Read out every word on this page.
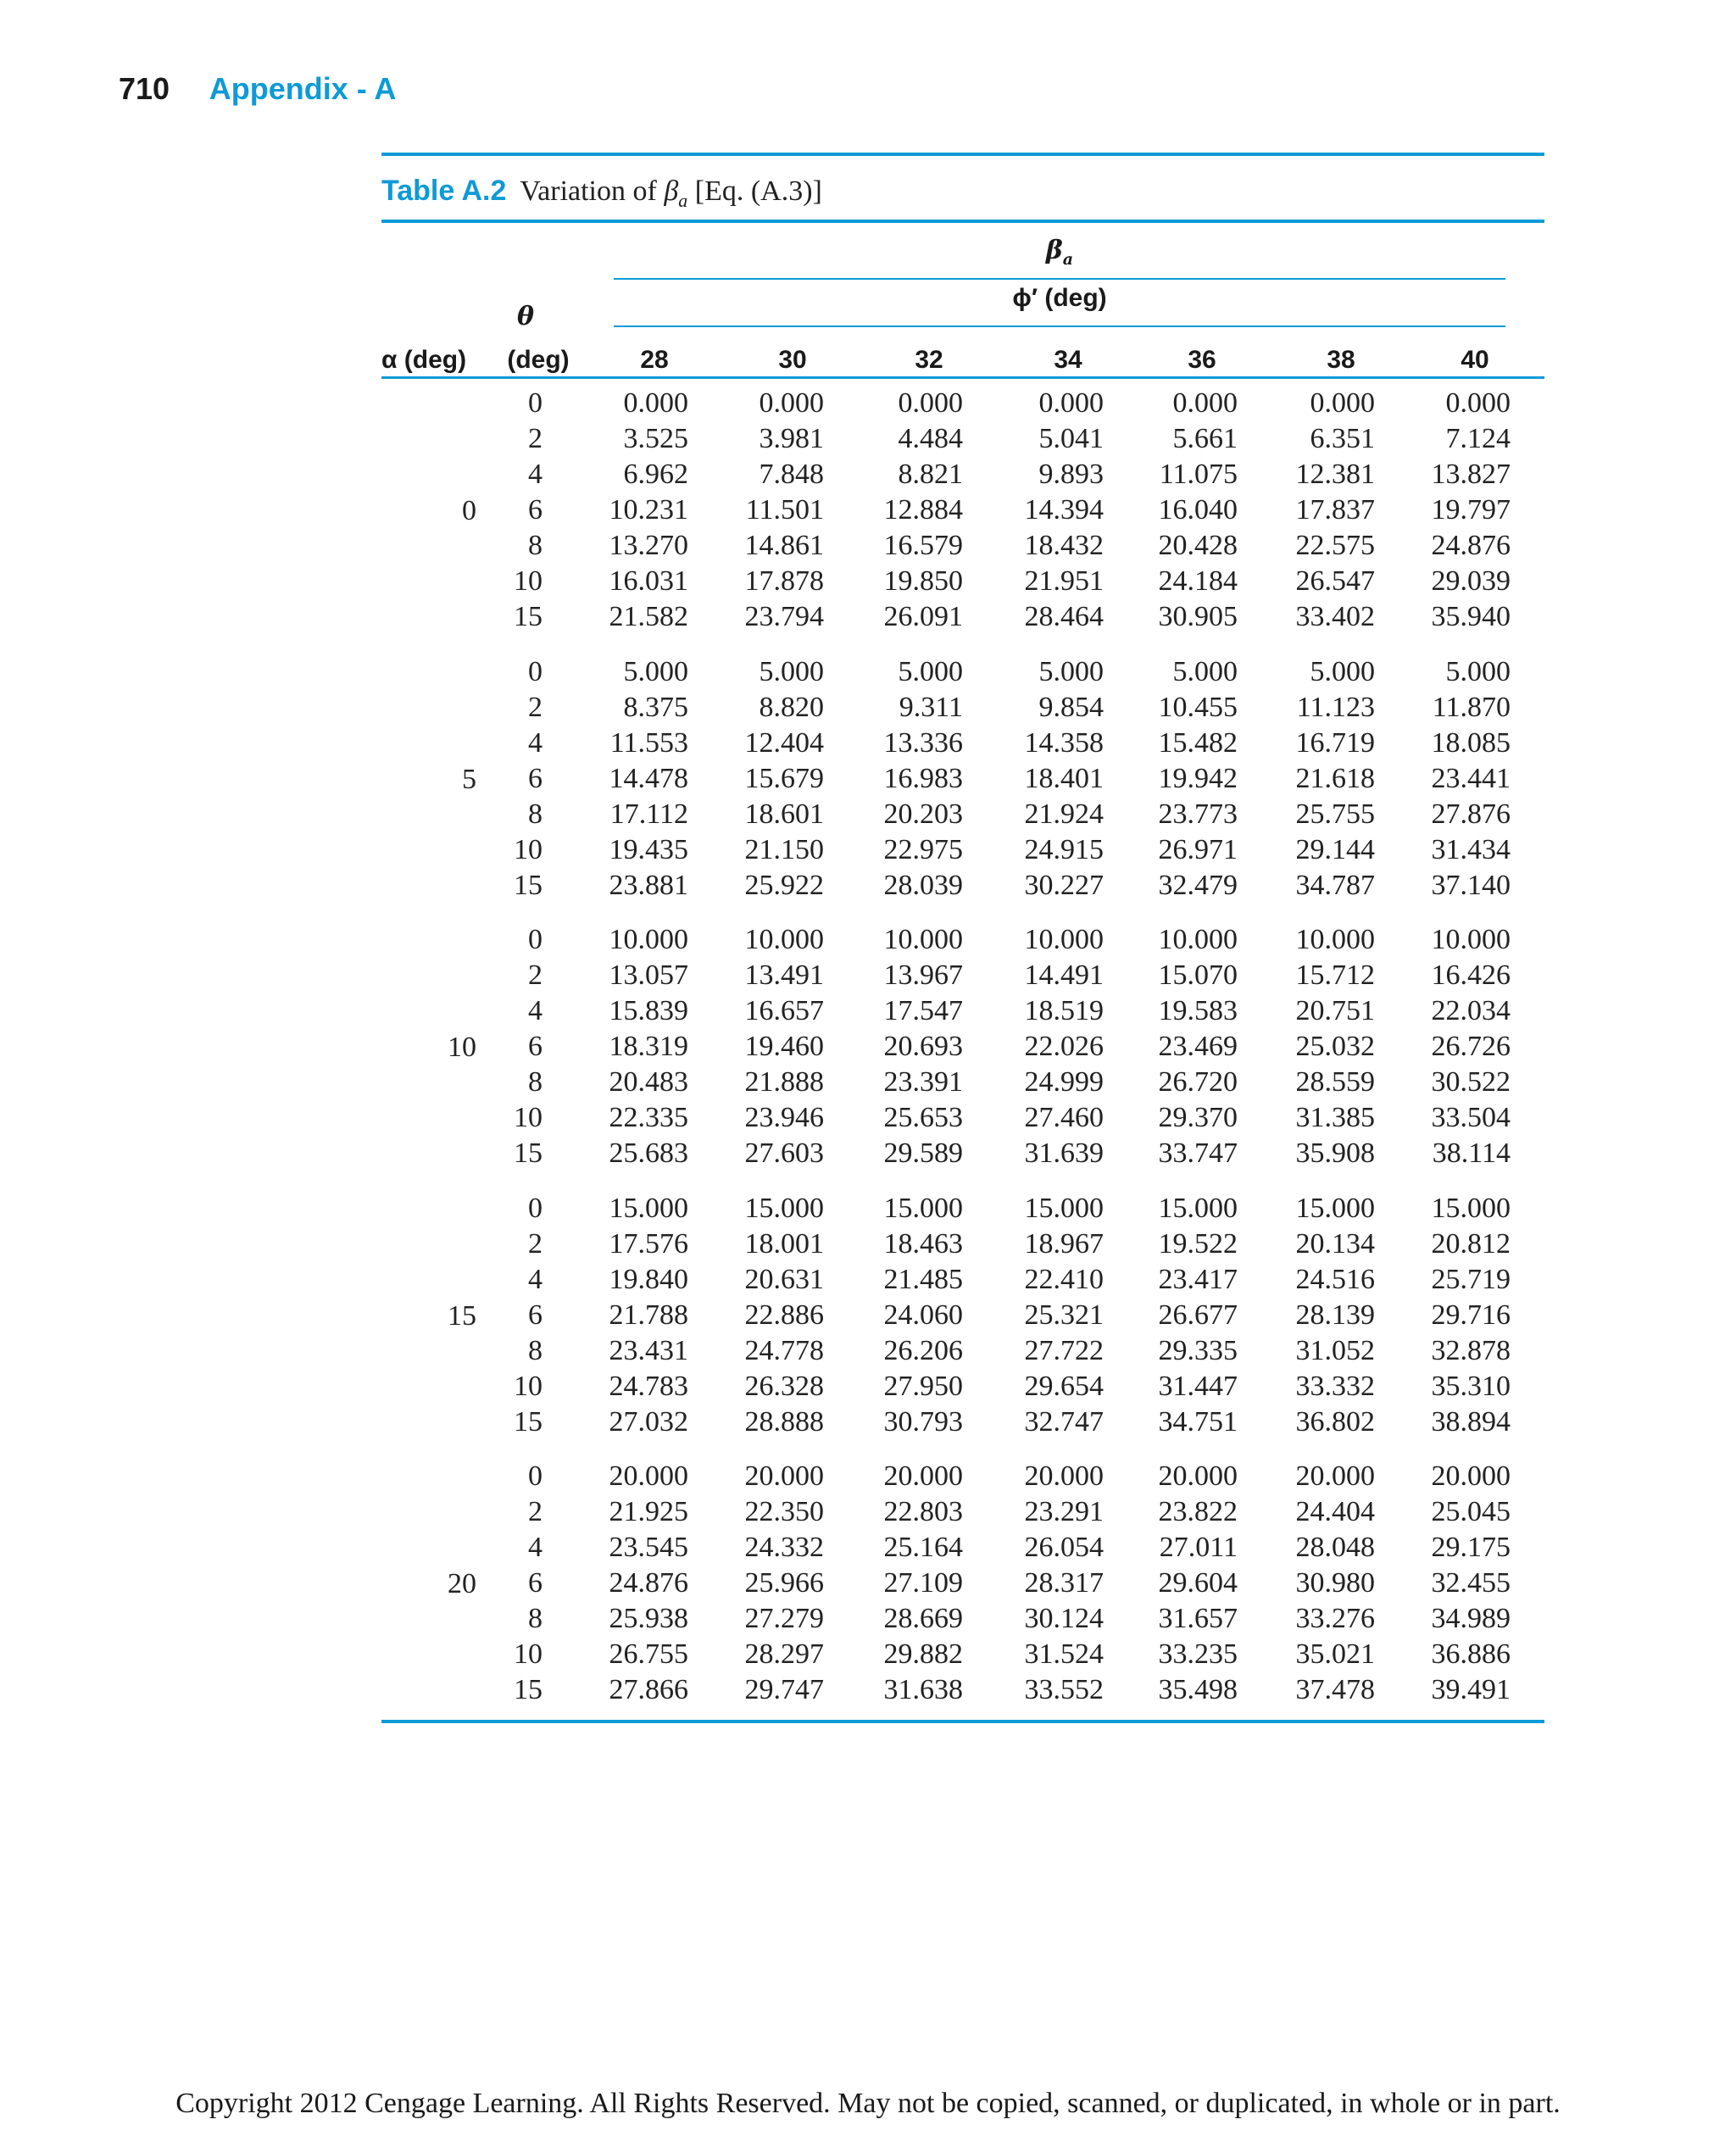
710 Appendix - A
Table A.2 Variation of $\beta_a$ [Eq. (A.3)]
$\beta_a$
ϕ′ (deg)
θ
α (deg)	(deg)	28	30	32	34	36	38	40
0
0	0.000	0.000	0.000	0.000	0.000	0.000	0.000
2	3.525	3.981	4.484	5.041	5.661	6.351	7.124
4	6.962	7.848	8.821	9.893	11.075	12.381	13.827
6	10.231	11.501	12.884	14.394	16.040	17.837	19.797
8	13.270	14.861	16.579	18.432	20.428	22.575	24.876
10	16.031	17.878	19.850	21.951	24.184	26.547	29.039
15	21.582	23.794	26.091	28.464	30.905	33.402	35.940
5
0	5.000	5.000	5.000	5.000	5.000	5.000	5.000
2	8.375	8.820	9.311	9.854	10.455	11.123	11.870
4	11.553	12.404	13.336	14.358	15.482	16.719	18.085
6	14.478	15.679	16.983	18.401	19.942	21.618	23.441
8	17.112	18.601	20.203	21.924	23.773	25.755	27.876
10	19.435	21.150	22.975	24.915	26.971	29.144	31.434
15	23.881	25.922	28.039	30.227	32.479	34.787	37.140
10
0	10.000	10.000	10.000	10.000	10.000	10.000	10.000
2	13.057	13.491	13.967	14.491	15.070	15.712	16.426
4	15.839	16.657	17.547	18.519	19.583	20.751	22.034
6	18.319	19.460	20.693	22.026	23.469	25.032	26.726
8	20.483	21.888	23.391	24.999	26.720	28.559	30.522
10	22.335	23.946	25.653	27.460	29.370	31.385	33.504
15	25.683	27.603	29.589	31.639	33.747	35.908	38.114
15
0	15.000	15.000	15.000	15.000	15.000	15.000	15.000
2	17.576	18.001	18.463	18.967	19.522	20.134	20.812
4	19.840	20.631	21.485	22.410	23.417	24.516	25.719
6	21.788	22.886	24.060	25.321	26.677	28.139	29.716
8	23.431	24.778	26.206	27.722	29.335	31.052	32.878
10	24.783	26.328	27.950	29.654	31.447	33.332	35.310
15	27.032	28.888	30.793	32.747	34.751	36.802	38.894
20
0	20.000	20.000	20.000	20.000	20.000	20.000	20.000
2	21.925	22.350	22.803	23.291	23.822	24.404	25.045
4	23.545	24.332	25.164	26.054	27.011	28.048	29.175
6	24.876	25.966	27.109	28.317	29.604	30.980	32.455
8	25.938	27.279	28.669	30.124	31.657	33.276	34.989
10	26.755	28.297	29.882	31.524	33.235	35.021	36.886
15	27.866	29.747	31.638	33.552	35.498	37.478	39.491
Copyright 2012 Cengage Learning. All Rights Reserved. May not be copied, scanned, or duplicated, in whole or in part.
